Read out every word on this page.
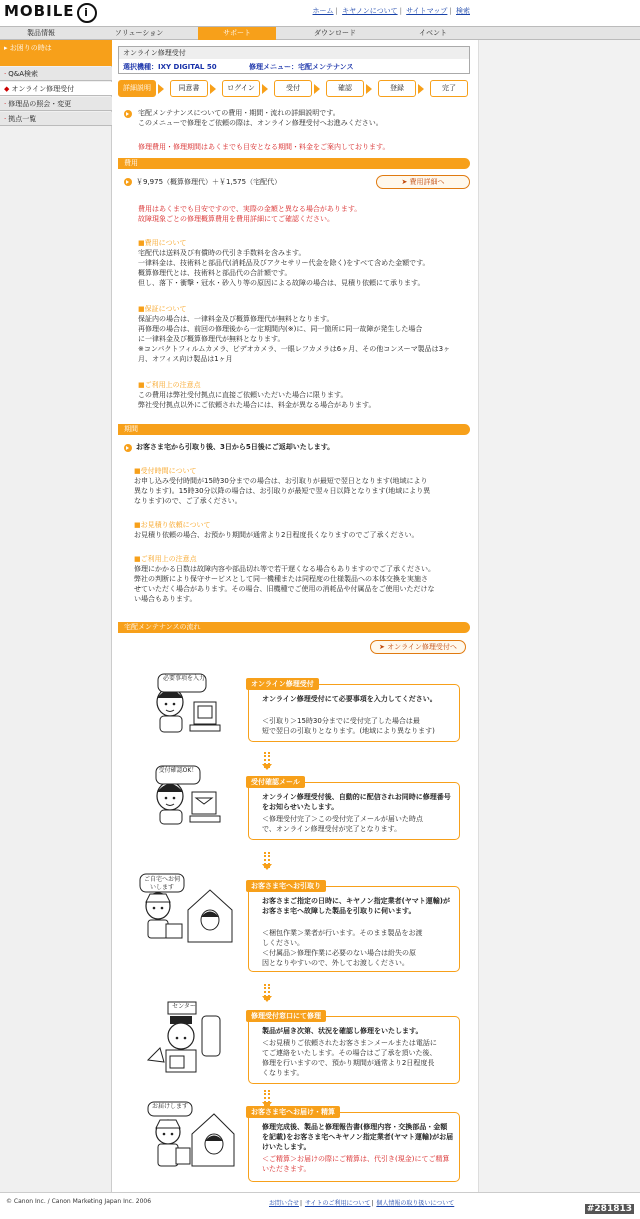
MOBILE i	ホーム | キヤノンについて | サイトマップ | 検索
製品情報	ソリューション	サポート	ダウンロード	イベント
▸ お困りの時は
· Q&A検索
◆ オンライン修理受付
· 修理品の照会・変更
· 拠点一覧
オンライン修理受付
選択機種：IXY DIGITAL 50	修理メニュー：宅配メンテナンス
詳細説明	同意書	ログイン	受付	確認	登録	完了
宅配メンテナンスについての費用・期間・流れの詳細説明です。
このメニューで修理をご依頼の際は、オンライン修理受付へお進みください。
修理費用・修理期間はあくまでも目安となる期間・料金をご案内しております。
費用
￥9,975（概算修理代）＋￥1,575（宅配代）	➤ 費用詳細へ
費用はあくまでも目安ですので、実際の金額と異なる場合があります。
故障現象ごとの修理概算費用を費用詳細にてご確認ください。
■費用について
宅配代は送料及び有償時の代引き手数料を含みます。
一律料金は、技術料と部品代(消耗品及びアクセサリー代金を除く)をすべて含めた金額です。
概算修理代とは、技術料と部品代の合計額です。
但し、落下・衝撃・冠水・砂入り等の原因による故障の場合は、見積り依頼にて承ります。
■保証について
保証内の場合は、一律料金及び概算修理代が無料となります。
再修理の場合は、前回の修理後から一定期間内(※)に、同一箇所に同一故障が発生した場合
に一律料金及び概算修理代が無料となります。
※コンパクトフィルムカメラ、ビデオカメラ、一眼レフカメラは6ヶ月、その他コンスーマ製品は3ヶ
月、オフィス向け製品は1ヶ月
■ご利用上の注意点
この費用は弊社受付拠点に直接ご依頼いただいた場合に限ります。
弊社受付拠点以外にご依頼された場合には、料金が異なる場合があります。
期間
お客さま宅から引取り後、3日から5日後にご返却いたします。
■受付時間について
お申し込み受付時間が15時30分までの場合は、お引取りが最短で翌日となります(地域により
異なります)。15時30分以降の場合は、お引取りが最短で翌々日以降となります(地域により異
なります)ので、ご了承ください。
■お見積り依頼について
お見積り依頼の場合、お預かり期間が通常より2日程度長くなりますのでご了承ください。
■ご利用上の注意点
修理にかかる日数は故障内容や部品切れ等で若干遅くなる場合もありますのでご了承ください。
弊社の判断により保守サービスとして同一機種または同程度の仕様製品への本体交換を実施さ
せていただく場合があります。その場合、旧機種でご使用の消耗品や付属品をご使用いただけな
い場合もあります。
宅配メンテナンスの流れ
➤ オンライン修理受付へ
必要事項を入力
オンライン修理受付
オンライン修理受付にて必要事項を入力してください。
＜引取り＞15時30分までに受付完了した場合は最
短で翌日の引取りとなります。(地域により異なります)
受付確認OK！
受付確認メール
オンライン修理受付後、自動的に配信されお同時に修理番号をお知らせいたします。
＜修理受付完了＞この受付完了メールが届いた時点
で、オンライン修理受付が完了となります。
ご自宅へお伺いします	お客さま宅へお引取り
お客さまご指定の日時に、キヤノン指定業者(ヤマト運輸)がお客さま宅へ故障した製品を引取りに伺います。
＜梱包作業＞業者が行います。そのまま製品をお渡
しください。
＜付属品＞修理作業に必要のない場合は紛失の原
因となりやすいので、外してお渡しください。
センター
修理受付窓口にて修理
製品が届き次第、状況を確認し修理をいたします。
＜お見積りご依頼されたお客さま＞メールまたは電話に
てご連絡をいたします。その場合はご了承を頂いた後、
修理を行いますので、預かり期間が通常より2日程度長
くなります。
お届けします
お客さま宅へお届け・精算
修理完成後、製品と修理報告書(修理内容・交換部品・金額を記載)をお客さま宅へキヤノン指定業者(ヤマト運輸)がお届けいたします。
＜ご精算＞お届けの際にご精算は、代引き(現金)にてご精算いただきます。
© Canon Inc. / Canon Marketing Japan Inc. 2006	お問い合せ| サイトのご利用について| 個人情報の取り扱いについて
#281813
